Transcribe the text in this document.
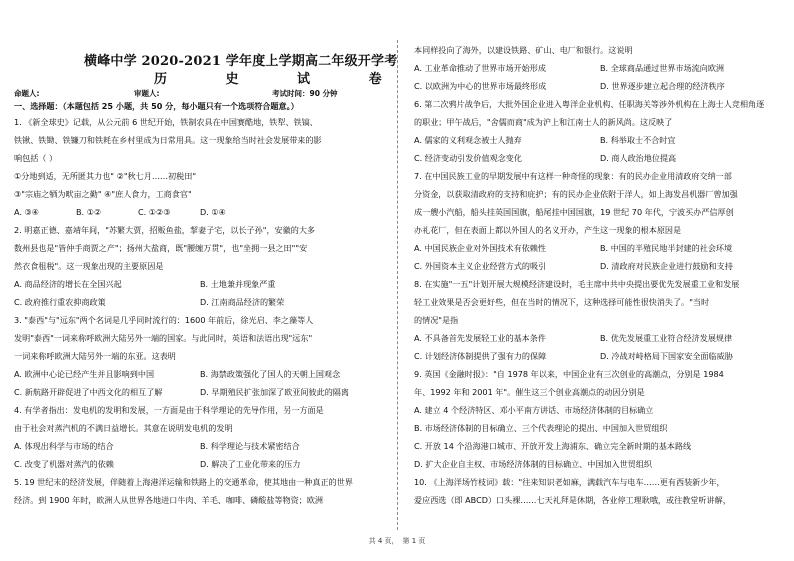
横峰中学 2020-2021 学年度上学期高二年级开学考
历 史 试 卷
命题人:	审题人:	考试时间：90 分钟
一、选择题：（本题包括 25 小题，共 50 分，每小题只有一个选项符合题意。）
1. 《新全球史》记载，从公元前 6 世纪开始，铁制农具在中国赛酷地，铁犁、铁镐、
铁锹、铁锄、铁镰刀和铁耗在乡村里成为日常用具。这一现象给当时社会发展带来的影
响包括（ ）
①分地到适，无所匿其力也" ②"秋七月……初税田"
③"宗庙之牺为畎亩之勤" ④"庶人食力，工商食官"
A. ③④	B. ①②	C. ①②③	D. ①④
2. 明嘉正德、嘉靖年间，"苏繁大贾，招贩鱼盐，挈妻子宅，以长子孙"，安徽的大多
数州县也是"皆仲手商贾之产"；扬州大盐商，既"腰缠万贯"，也"坐拥一县之田""安
然衣食租税"。这一现象出现的主要原因是
A. 商品经济的增长在全国兴起	B. 土地兼并现象严重
C. 政府推行重农抑商政策	D. 江南商品经济的繁荣
3. "泰西"与"远东"两个名词是几乎同时流行的：1600 年前后，徐光启、李之藻等人
发明"泰西"一词来称呼欧洲大陆另外一端的国家。与此同时，英语和法语出现"远东"
一词来称呼欧洲大陆另外一端的东亚。这表明
A. 欧洲中心论已经产生并且影响到中国	B. 海禁政策强化了国人的天朝上国观念
C. 新航路开辟促进了中西文化的相互了解	D. 早期殖民扩张加深了欧亚间彼此的隔离
4. 有学者指出：发电机的发明和发展，一方面是由于科学理论的先导作用，另一方面是
由于社会对蒸汽机的不满日益增长。其意在说明发电机的发明
A. 体现出科学与市场的结合	B. 科学理论与技术紧密结合
C. 改变了机器对蒸汽的依赖	D. 解决了工业化带来的压力
5. 19 世纪末的经济发展，伴随着上海港洋运输和铁路上的交通革命，使其地由一种真正的世界
经济。到 1900 年时，欧洲人从世界各地进口牛肉、羊毛、咖啡、磷酸盐等物资；欧洲
本同样投向了海外，以建设铁路、矿山、电厂和银行。这说明
A. 工业革命推动了世界市场开始形成	B. 全球商品通过世界市场流向欧洲
C. 以欧洲为中心的世界市场最终形成	D. 世界逐步建立起合理的经济秩序
6. 第二次鸦片战争后，大批外国企业进入粤洋企业机构、任职海关等涉外机构在上海士人竞相角逐
的职业；甲午战后，"舍儒而商"成为沪上和江南士人的新风尚。这反映了
A. 儒家的义利观念被士人抛弃	B. 科举取士不合时宜
C. 经济变动引发价值观念变化	D. 商人政治地位提高
7. 在中国民族工业的早期发展中有这样一种奇怪的现象：有的民办企业用清政府交纳一部
分资金，以获取清政府的支持和庇护；有的民办企业依附于洋人，如上海发昌机器厂曾加强
成一艘小汽船，船头挂英国国旗，船尾挂中国国旗，19 世纪 70 年代，宁波买办严信厚创
办礼花厂，但在表面上都以外国人的名义开办，产生这一现象的根本原因是
A. 中国民族企业对外国技术有依赖性	B. 中国的半殖民地半封建的社会环境
C. 外国资本主义企业经营方式的吸引	D. 清政府对民族企业进行鼓励和支持
8. 在实施"一五"计划开展大规模经济建设时，毛主席中共中央提出要优先发展重工业和发展
轻工业效果是否会更好些，但在当时的情况下，这种选择可能性很快消失了。"当时
的情况"是指
A. 不具备首先发展轻工业的基本条件	B. 优先发展重工业符合经济发展规律
C. 计划经济体制提供了强有力的保障	D. 冷战对峙格局下国家安全面临威胁
9. 英国《金融时报》："自 1978 年以来，中国企业有三次创业的高潮点，分别是 1984
年、1992 年和 2001 年"。催生这三个创业高潮点的动因分别是
A. 建立 4 个经济特区、邓小平南方讲话、市场经济体制的目标确立
B. 市场经济体制的目标确立、三个代表理论的提出、中国加入世贸组织
C. 开放 14 个沿海港口城市、开放开发上海浦东、确立完全新时期的基本路线
D. 扩大企业自主权、市场经济体制的目标确立、中国加入世贸组织
10. 《上海洋场竹枝词》载："往来知识老如麻，满载汽车与电车……更有西装新少年，
爱应西选（即 ABCD）口头裸……七天礼拜是休期，各业停工理耿哦，或往教堂听讲解，
共 4 页， 第 1 页
